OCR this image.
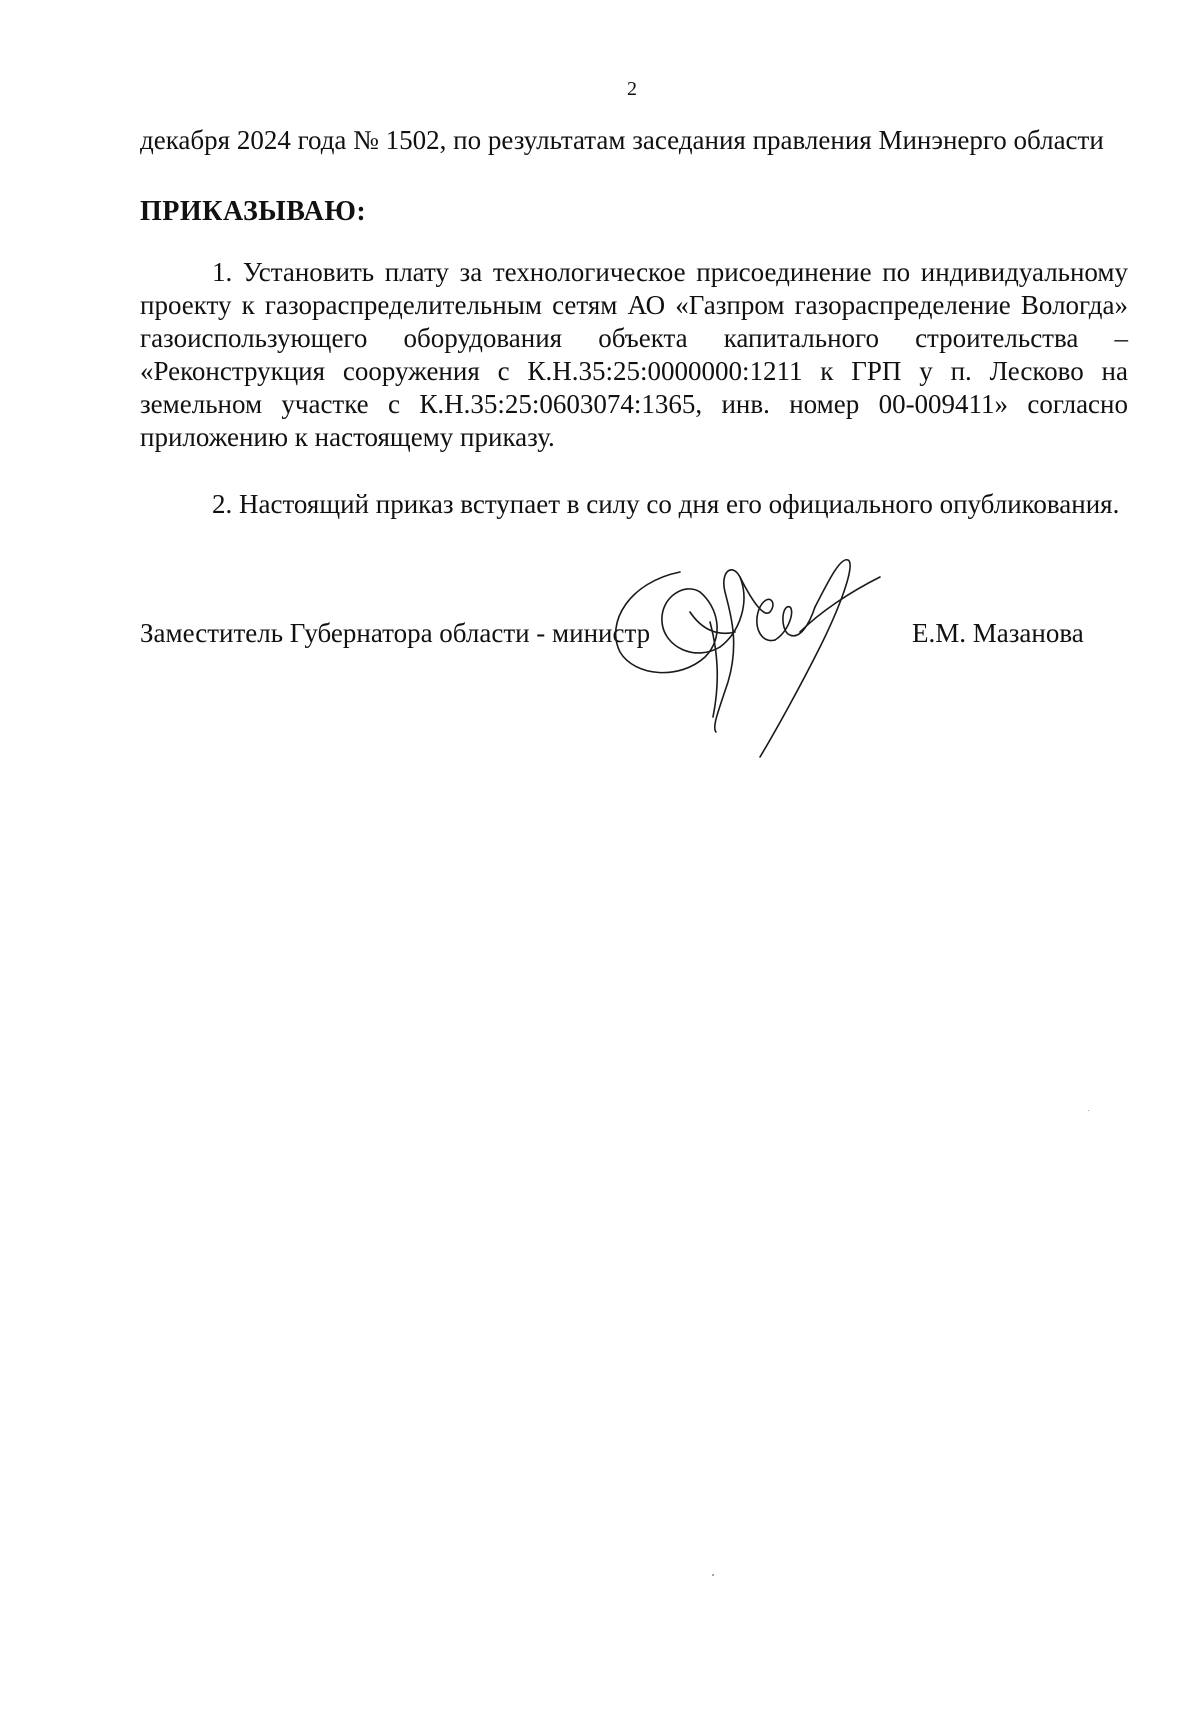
2
декабря 2024 года № 1502, по результатам заседания правления Минэнерго области
ПРИКАЗЫВАЮ:
1. Установить плату за технологическое присоединение по индивидуальному проекту к газораспределительным сетям АО «Газпром газораспределение Вологда» газоиспользующего оборудования объекта капитального строительства – «Реконструкция сооружения с К.Н.35:25:0000000:1211 к ГРП у п. Лесково на земельном участке с К.Н.35:25:0603074:1365, инв. номер 00-009411» согласно приложению к настоящему приказу.
2. Настоящий приказ вступает в силу со дня его официального опубликования.
Заместитель Губернатора области - министр	Е.М. Мазанова
